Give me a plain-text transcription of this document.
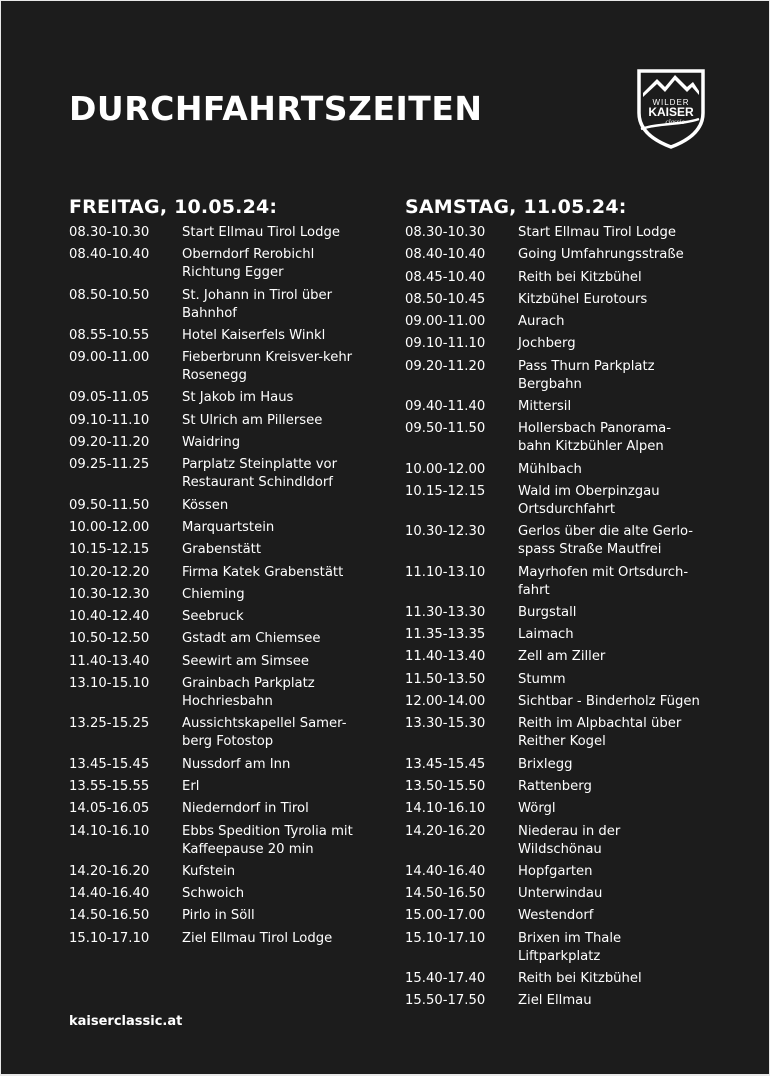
DURCHFAHRTSZEITEN	WILDER
KAISER
classic
FREITAG, 10.05.24:
08.30-10.30	Start Ellmau Tirol Lodge
08.40-10.40	Oberndorf Rerobichl Richtung Egger
08.50-10.50	St. Johann in Tirol über Bahnhof
08.55-10.55	Hotel Kaiserfels Winkl
09.00-11.00	Fieberbrunn Kreisver-kehr Rosenegg
09.05-11.05	St Jakob im Haus
09.10-11.10	St Ulrich am Pillersee
09.20-11.20	Waidring
09.25-11.25	Parplatz Steinplatte vor Restaurant Schindldorf
09.50-11.50	Kössen
10.00-12.00	Marquartstein
10.15-12.15	Grabenstätt
10.20-12.20	Firma Katek Grabenstätt
10.30-12.30	Chieming
10.40-12.40	Seebruck
10.50-12.50	Gstadt am Chiemsee
11.40-13.40	Seewirt am Simsee
13.10-15.10	Grainbach Parkplatz Hochriesbahn
13.25-15.25	Aussichtskapellel Samer-berg Fotostop
13.45-15.45	Nussdorf am Inn
13.55-15.55	Erl
14.05-16.05	Niederndorf in Tirol
14.10-16.10	Ebbs Spedition Tyrolia mit Kaffeepause 20 min
14.20-16.20	Kufstein
14.40-16.40	Schwoich
14.50-16.50	Pirlo in Söll
15.10-17.10	Ziel Ellmau Tirol Lodge
SAMSTAG, 11.05.24:
08.30-10.30	Start Ellmau Tirol Lodge
08.40-10.40	Going Umfahrungsstraße
08.45-10.40	Reith bei Kitzbühel
08.50-10.45	Kitzbühel Eurotours
09.00-11.00	Aurach
09.10-11.10	Jochberg
09.20-11.20	Pass Thurn Parkplatz Bergbahn
09.40-11.40	Mittersil
09.50-11.50	Hollersbach Panorama-bahn Kitzbühler Alpen
10.00-12.00	Mühlbach
10.15-12.15	Wald im Oberpinzgau Ortsdurchfahrt
10.30-12.30	Gerlos über die alte Gerlo-spass Straße Mautfrei
11.10-13.10	Mayrhofen mit Ortsdurch-fahrt
11.30-13.30	Burgstall
11.35-13.35	Laimach
11.40-13.40	Zell am Ziller
11.50-13.50	Stumm
12.00-14.00	Sichtbar - Binderholz Fügen
13.30-15.30	Reith im Alpbachtal über Reither Kogel
13.45-15.45	Brixlegg
13.50-15.50	Rattenberg
14.10-16.10	Wörgl
14.20-16.20	Niederau in der Wildschönau
14.40-16.40	Hopfgarten
14.50-16.50	Unterwindau
15.00-17.00	Westendorf
15.10-17.10	Brixen im Thale Liftparkplatz
15.40-17.40	Reith bei Kitzbühel
15.50-17.50	Ziel Ellmau
kaiserclassic.at
